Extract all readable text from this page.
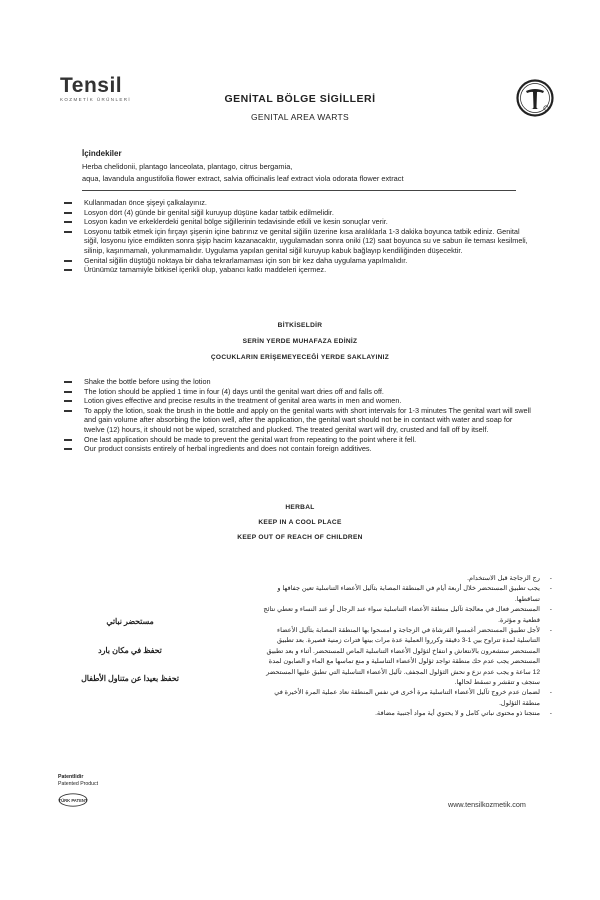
Tensil
KOZMETİK ÜRÜNLERİ	GENİTAL BÖLGE SİGİLLERİ
GENITAL AREA WARTS
İçindekiler
Herba chelidonii, plantago lanceolata, plantago, citrus bergamia,
aqua, lavandula angustifolia flower extract, salvia officinalis leaf extract viola odorata flower extract
Kullanmadan önce şişeyi çalkalayınız.
Losyon dört (4) günde bir genital siğil kuruyup düşüne kadar tatbik edilmelidir.
Losyon kadın ve erkeklerdeki genital bölge siğillerinin tedavisinde etkili ve kesin sonuçlar verir.
Losyonu tatbik etmek için fırçayı şişenin içine batırınız ve genital siğilin üzerine kısa aralıklarla 1-3 dakika boyunca tatbik ediniz. Genital siğil, losyonu iyice emdikten sonra şişip hacim kazanacaktır, uygulamadan sonra oniki (12) saat boyunca su ve sabun ile teması kesilmeli, silinip, kaşınmamalı, yolunmamalıdır. Uygulama yapılan genital siğil kuruyup kabuk bağlayıp kendiliğinden düşecektir.
Genital siğilin düştüğü noktaya bir daha tekrarlamaması için son bir kez daha uygulama yapılmalıdır.
Ürünümüz tamamiyle bitkisel içerikli olup, yabancı katkı maddeleri içermez.
BİTKİSELDİR
SERİN YERDE MUHAFAZA EDİNİZ
ÇOCUKLARIN ERİŞEMEYECEĞİ YERDE SAKLAYINIZ
Shake the bottle before using the lotion
The lotion should be applied 1 time in four (4) days until the genital wart dries off and falls off.
Lotion gives effective and precise results in the treatment of genital area warts in men and women.
To apply the lotion, soak the brush in the bottle and apply on the genital warts with short intervals for 1-3 minutes The genital wart will swell and gain volume after absorbing the lotion well, after the application, the genital wart should not be in contact with water and soap for twelve (12) hours, it should not be wiped, scratched and plucked. The treated genital wart will dry, crusted and fall off by itself.
One last application should be made to prevent the genital wart from repeating to the point where it fell.
Our product consists entirely of herbal ingredients and does not contain foreign additives.
HERBAL
KEEP IN A COOL PLACE
KEEP OUT OF REACH OF CHILDREN
مستحضر نباتي
تحفظ في مكان بارد
تحفظ بعيدا عن متناول الأطفال
- رج الزجاجة قبل الاستخدام.
- يجب تطبيق المستحضر خلال أربعة أيام في المنطقة المصابة بثآليل الأعضاء التناسلية تعين جفافها و تساقطها.
- المستحضر فعال في معالجة ثآليل منطقة الأعضاء التناسلية سواء عند الرجال أو عند النساء و تعطي نتائج قطعية و مؤثرة.
- لأجل تطبيق المستحضر أغمسوا الفرشاة في الزجاجة و امسحوا بها المنطقة المصابة بثآليل الأعضاء التناسلية لمدة تتراوح بين 1-3 دقيقة وكرروا العملية عدة مرات بينها فترات زمنية قصيرة. بعد تطبيق المستحضر ستشعرون بالانتعاش و انتفاخ لثؤلول الأعضاء التناسلية الماص للمستحضر. أثناء و بعد تطبيق المستحضر يجب عدم حك منطقة تواجد ثؤلول الأعضاء التناسلية و منع تماسها مع الماء و الصابون لمدة 12 ساعة و يجب عدم نزع و نحش الثؤلول المجفف. ثآليل الأعضاء التناسلية التي تطبق عليها المستحضر ستجف و تتقشر و تسقط لحالها.
- لضمان عدم خروج ثآليل الأعضاء التناسلية مرة أخرى في نفس المنطقة نعاد عملية المرة الأخيرة في منطقة الثؤلول.
- منتجنا ذو محتوى نباتي كامل و لا يحتوي أية مواد أجنبية مضافة.
Patentlidir
Patented Product
TÜRK PATENT	www.tensilkozmetik.com
